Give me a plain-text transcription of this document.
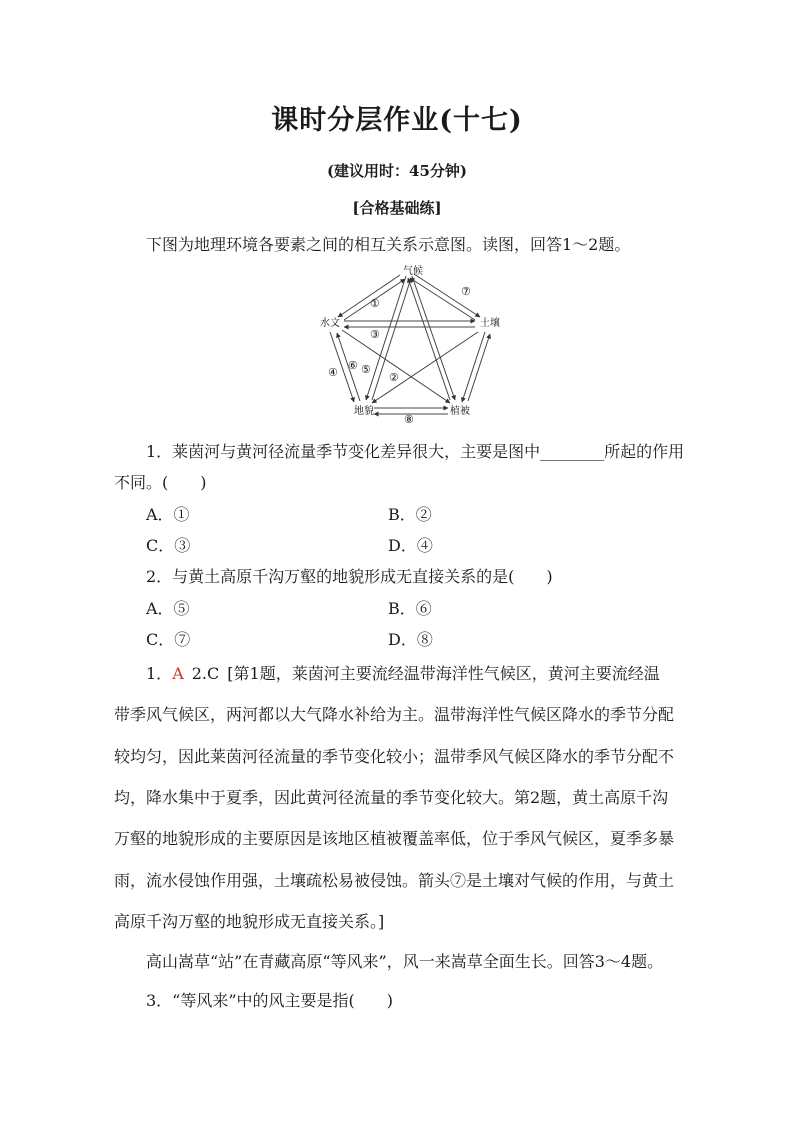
课时分层作业(十七)
(建议用时：45分钟)
[合格基础练]
下图为地理环境各要素之间的相互关系示意图。读图，回答1～2题。
气候
水文	土壤
地貌	植被
①
②
③
④ ⑤
⑥
⑦
⑧
1．莱茵河与黄河径流量季节变化差异很大，主要是图中________所起的作用
不同。(　　)
A．①	B．②
C．③	D．④
2．与黄土高原千沟万壑的地貌形成无直接关系的是(　　)
A．⑤	B．⑥
C．⑦	D．⑧
1．A  2.C  [第1题，莱茵河主要流经温带海洋性气候区，黄河主要流经温
带季风气候区，两河都以大气降水补给为主。温带海洋性气候区降水的季节分配
较均匀，因此莱茵河径流量的季节变化较小；温带季风气候区降水的季节分配不
均，降水集中于夏季，因此黄河径流量的季节变化较大。第2题，黄土高原千沟
万壑的地貌形成的主要原因是该地区植被覆盖率低，位于季风气候区，夏季多暴
雨，流水侵蚀作用强，土壤疏松易被侵蚀。箭头⑦是土壤对气候的作用，与黄土
高原千沟万壑的地貌形成无直接关系。]
高山嵩草“站”在青藏高原“等风来”，风一来嵩草全面生长。回答3～4题。
3．“等风来”中的风主要是指(　　)
